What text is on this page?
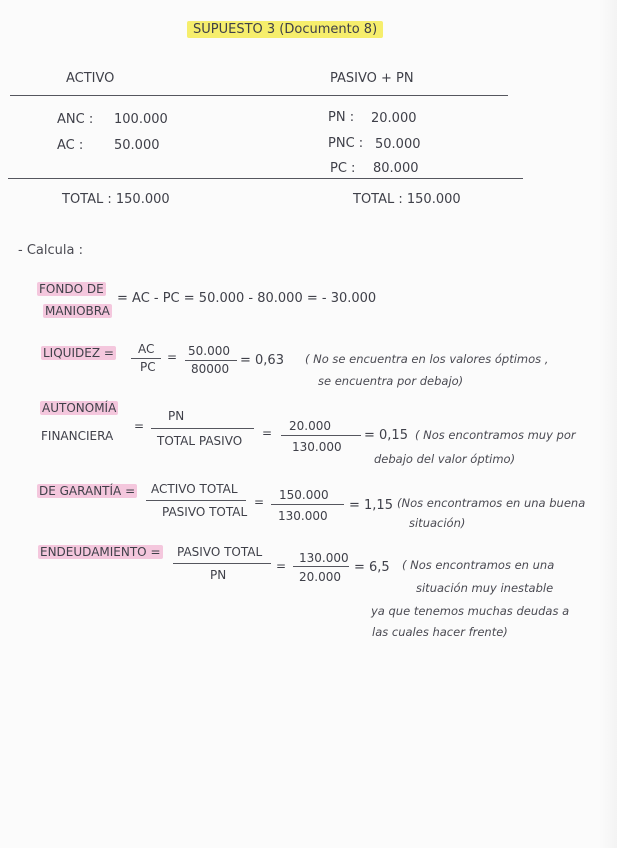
SUPUESTO 3 (Documento 8)
ACTIVO	PASIVO + PN
ANC : 100.000
AC : 50.000
PN : 20.000
PNC : 50.000
PC : 80.000
TOTAL : 150.000	TOTAL : 150.000
- Calcula :
FONDO DE
MANIOBRA
= AC - PC = 50.000 - 80.000 = - 30.000
LIQUIDEZ = AC
PC
= 50.000
80000
= 0,63 ( No se encuentra en los valores óptimos ,
se encuentra por debajo)
AUTONOMÍA
FINANCIERA
=
PN
TOTAL PASIVO
= 20.000
130.000
= 0,15 ( Nos encontramos muy por
debajo del valor óptimo)
DE GARANTÍA = ACTIVO TOTAL
PASIVO TOTAL
= 150.000
130.000
= 1,15 (Nos encontramos en una buena
situación)
ENDEUDAMIENTO = PASIVO TOTAL
PN
=
130.000
20.000
= 6,5 ( Nos encontramos en una
situación muy inestable
ya que tenemos muchas deudas a
las cuales hacer frente)
